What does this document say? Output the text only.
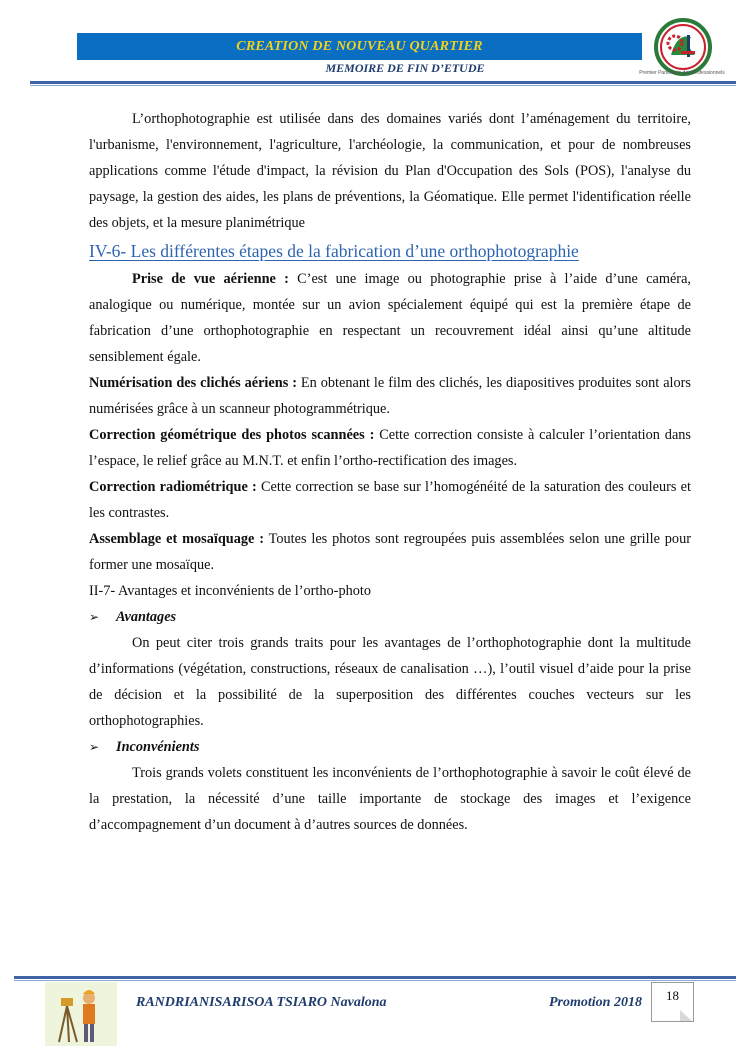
CREATION DE NOUVEAU QUARTIER
MEMOIRE DE FIN D’ETUDE	Premier Partenaire des Professionnels

L’orthophotographie est utilisée dans des domaines variés dont l’aménagement du territoire, l'urbanisme, l'environnement, l'agriculture, l'archéologie, la communication, et pour de nombreuses applications comme l'étude d'impact, la révision du Plan d'Occupation des Sols (POS), l'analyse du paysage, la gestion des aides, les plans de préventions, la Géomatique. Elle permet l'identification réelle des objets, et la mesure planimétrique

IV-6- Les différentes étapes de la fabrication d’une orthophotographie

Prise de vue aérienne : C’est une image ou photographie prise à l’aide d’une caméra, analogique ou numérique, montée sur un avion spécialement équipé qui est la première étape de fabrication d’une orthophotographie en respectant un recouvrement idéal ainsi qu’une altitude sensiblement égale.

Numérisation des clichés aériens : En obtenant le film des clichés, les diapositives produites sont alors numérisées grâce à un scanneur photogrammétrique.

Correction géométrique des photos scannées : Cette correction consiste à calculer l’orientation dans l’espace, le relief grâce au M.N.T. et enfin l’ortho-rectification des images.

Correction radiométrique : Cette correction se base sur l’homogénéité de la saturation des couleurs et les contrastes.

Assemblage et mosaïquage : Toutes les photos sont regroupées puis assemblées selon une grille pour former une mosaïque.

II-7- Avantages et inconvénients de l’ortho-photo

➢ Avantages

On peut citer trois grands traits pour les avantages de l’orthophotographie dont la multitude d’informations (végétation, constructions, réseaux de canalisation …), l’outil visuel d’aide pour la prise de décision et la possibilité de la superposition des différentes couches vecteurs sur les orthophotographies.

➢ Inconvénients

Trois grands volets constituent les inconvénients de l’orthophotographie à savoir le coût élevé de la prestation, la nécessité d’une taille importante de stockage des images et l’exigence d’accompagnement d’un document à d’autres sources de données.

RANDRIANISARISOA TSIARO Navalona	Promotion 2018	18
